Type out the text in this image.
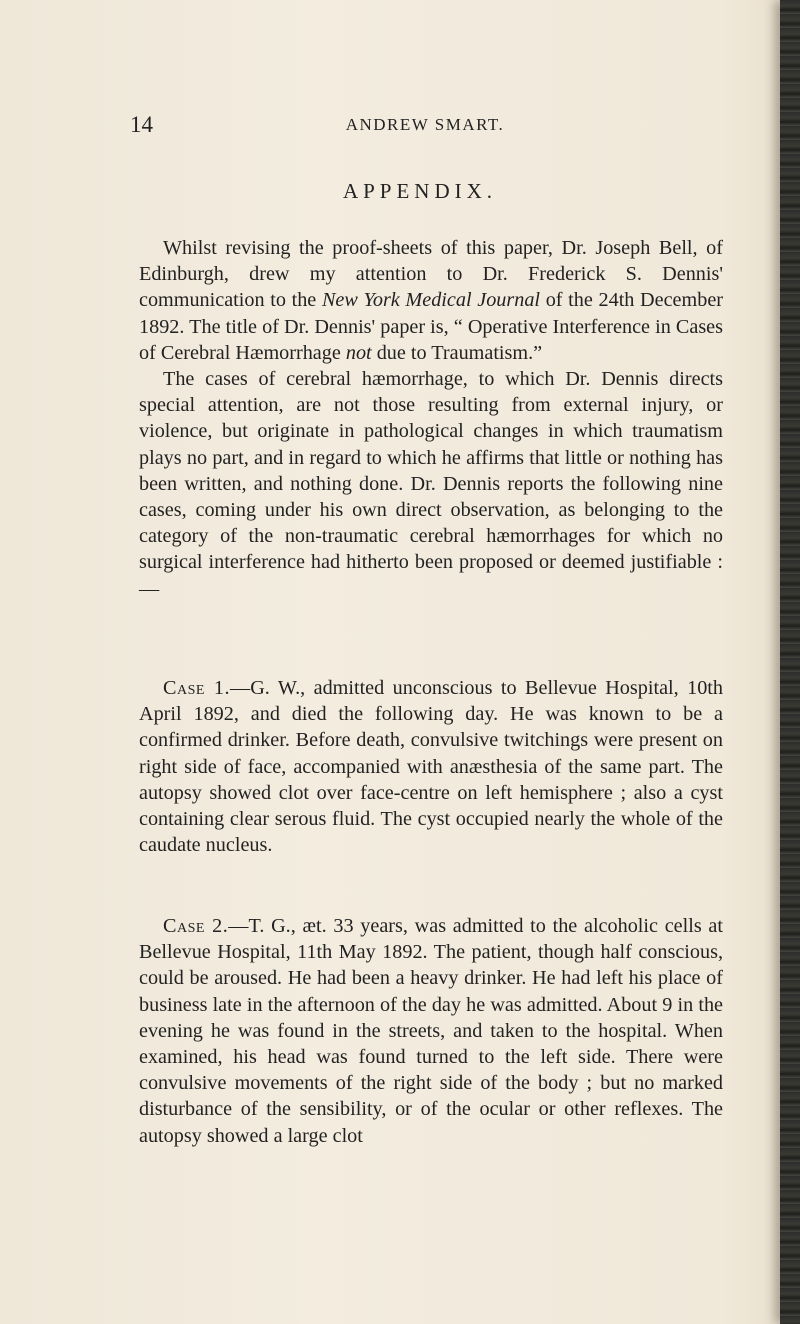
14	ANDREW SMART.
APPENDIX.

Whilst revising the proof-sheets of this paper, Dr. Joseph Bell, of Edinburgh, drew my attention to Dr. Frederick S. Dennis' communication to the New York Medical Journal of the 24th December 1892. The title of Dr. Dennis' paper is, “ Operative Interference in Cases of Cerebral Hæmorrhage not due to Traumatism.”

The cases of cerebral hæmorrhage, to which Dr. Dennis directs special attention, are not those resulting from external injury, or violence, but originate in pathological changes in which traumatism plays no part, and in regard to which he affirms that little or nothing has been written, and nothing done. Dr. Dennis reports the following nine cases, coming under his own direct observation, as belonging to the category of the non-traumatic cerebral hæmorrhages for which no surgical interference had hitherto been proposed or deemed justifiable :—

Case 1.—G. W., admitted unconscious to Bellevue Hospital, 10th April 1892, and died the following day. He was known to be a confirmed drinker. Before death, convulsive twitchings were present on right side of face, accompanied with anæsthesia of the same part. The autopsy showed clot over face-centre on left hemisphere ; also a cyst containing clear serous fluid. The cyst occupied nearly the whole of the caudate nucleus.

Case 2.—T. G., æt. 33 years, was admitted to the alcoholic cells at Bellevue Hospital, 11th May 1892. The patient, though half conscious, could be aroused. He had been a heavy drinker. He had left his place of business late in the afternoon of the day he was admitted. About 9 in the evening he was found in the streets, and taken to the hospital. When examined, his head was found turned to the left side. There were convulsive movements of the right side of the body ; but no marked disturbance of the sensibility, or of the ocular or other reflexes. The autopsy showed a large clot
